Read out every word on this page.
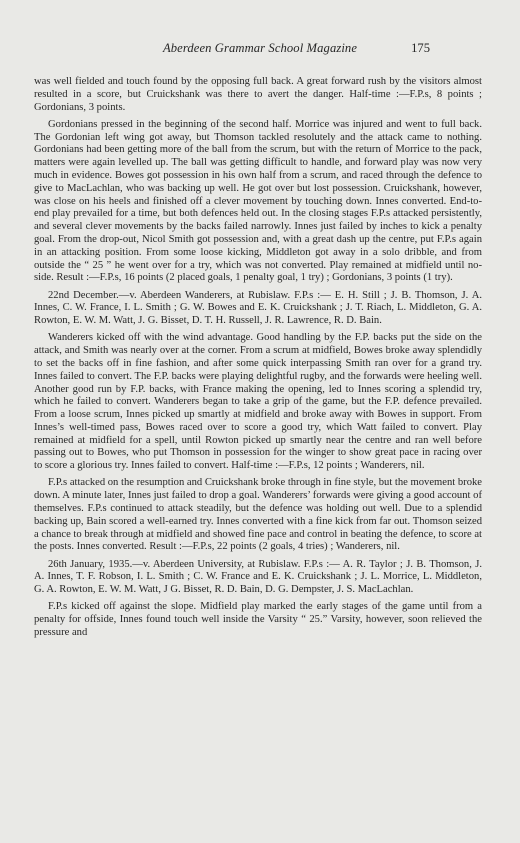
Aberdeen Grammar School Magazine	175

was well fielded and touch found by the opposing full back. A great forward rush by the visitors almost resulted in a score, but Cruickshank was there to avert the danger. Half-time :—F.P.s, 8 points ; Gordonians, 3 points.

Gordonians pressed in the beginning of the second half. Morrice was injured and went to full back. The Gordonian left wing got away, but Thomson tackled resolutely and the attack came to nothing. Gordonians had been getting more of the ball from the scrum, but with the return of Morrice to the pack, matters were again levelled up. The ball was getting difficult to handle, and forward play was now very much in evidence. Bowes got possession in his own half from a scrum, and raced through the defence to give to MacLachlan, who was backing up well. He got over but lost possession. Cruickshank, however, was close on his heels and finished off a clever movement by touching down. Innes converted. End-to-end play prevailed for a time, but both defences held out. In the closing stages F.P.s attacked persistently, and several clever movements by the backs failed narrowly. Innes just failed by inches to kick a penalty goal. From the drop-out, Nicol Smith got possession and, with a great dash up the centre, put F.P.s again in an attacking position. From some loose kicking, Middleton got away in a solo dribble, and from outside the “ 25 ” he went over for a try, which was not converted. Play remained at midfield until no-side. Result :—F.P.s, 16 points (2 placed goals, 1 penalty goal, 1 try) ; Gordonians, 3 points (1 try).

22nd December.—v. Aberdeen Wanderers, at Rubislaw. F.P.s :— E. H. Still ; J. B. Thomson, J. A. Innes, C. W. France, I. L. Smith ; G. W. Bowes and E. K. Cruickshank ; J. T. Riach, L. Middleton, G. A. Rowton, E. W. M. Watt, J. G. Bisset, D. T. H. Russell, J. R. Lawrence, R. D. Bain.

Wanderers kicked off with the wind advantage. Good handling by the F.P. backs put the side on the attack, and Smith was nearly over at the corner. From a scrum at midfield, Bowes broke away splendidly to set the backs off in fine fashion, and after some quick interpassing Smith ran over for a grand try. Innes failed to convert. The F.P. backs were playing delightful rugby, and the forwards were heeling well. Another good run by F.P. backs, with France making the opening, led to Innes scoring a splendid try, which he failed to convert. Wanderers began to take a grip of the game, but the F.P. defence prevailed. From a loose scrum, Innes picked up smartly at midfield and broke away with Bowes in support. From Innes’s well-timed pass, Bowes raced over to score a good try, which Watt failed to convert. Play remained at midfield for a spell, until Rowton picked up smartly near the centre and ran well before passing out to Bowes, who put Thomson in possession for the winger to show great pace in racing over to score a glorious try. Innes failed to convert. Half-time :—F.P.s, 12 points ; Wanderers, nil.

F.P.s attacked on the resumption and Cruickshank broke through in fine style, but the movement broke down. A minute later, Innes just failed to drop a goal. Wanderers’ forwards were giving a good account of themselves. F.P.s continued to attack steadily, but the defence was holding out well. Due to a splendid backing up, Bain scored a well-earned try. Innes converted with a fine kick from far out. Thomson seized a chance to break through at midfield and showed fine pace and control in beating the defence, to score at the posts. Innes converted. Result :—F.P.s, 22 points (2 goals, 4 tries) ; Wanderers, nil.

26th January, 1935.—v. Aberdeen University, at Rubislaw. F.P.s :— A. R. Taylor ; J. B. Thomson, J. A. Innes, T. F. Robson, I. L. Smith ; C. W. France and E. K. Cruickshank ; J. L. Morrice, L. Middleton, G. A. Rowton, E. W. M. Watt, J G. Bisset, R. D. Bain, D. G. Dempster, J. S. MacLachlan.

F.P.s kicked off against the slope. Midfield play marked the early stages of the game until from a penalty for offside, Innes found touch well inside the Varsity “ 25.” Varsity, however, soon relieved the pressure and
